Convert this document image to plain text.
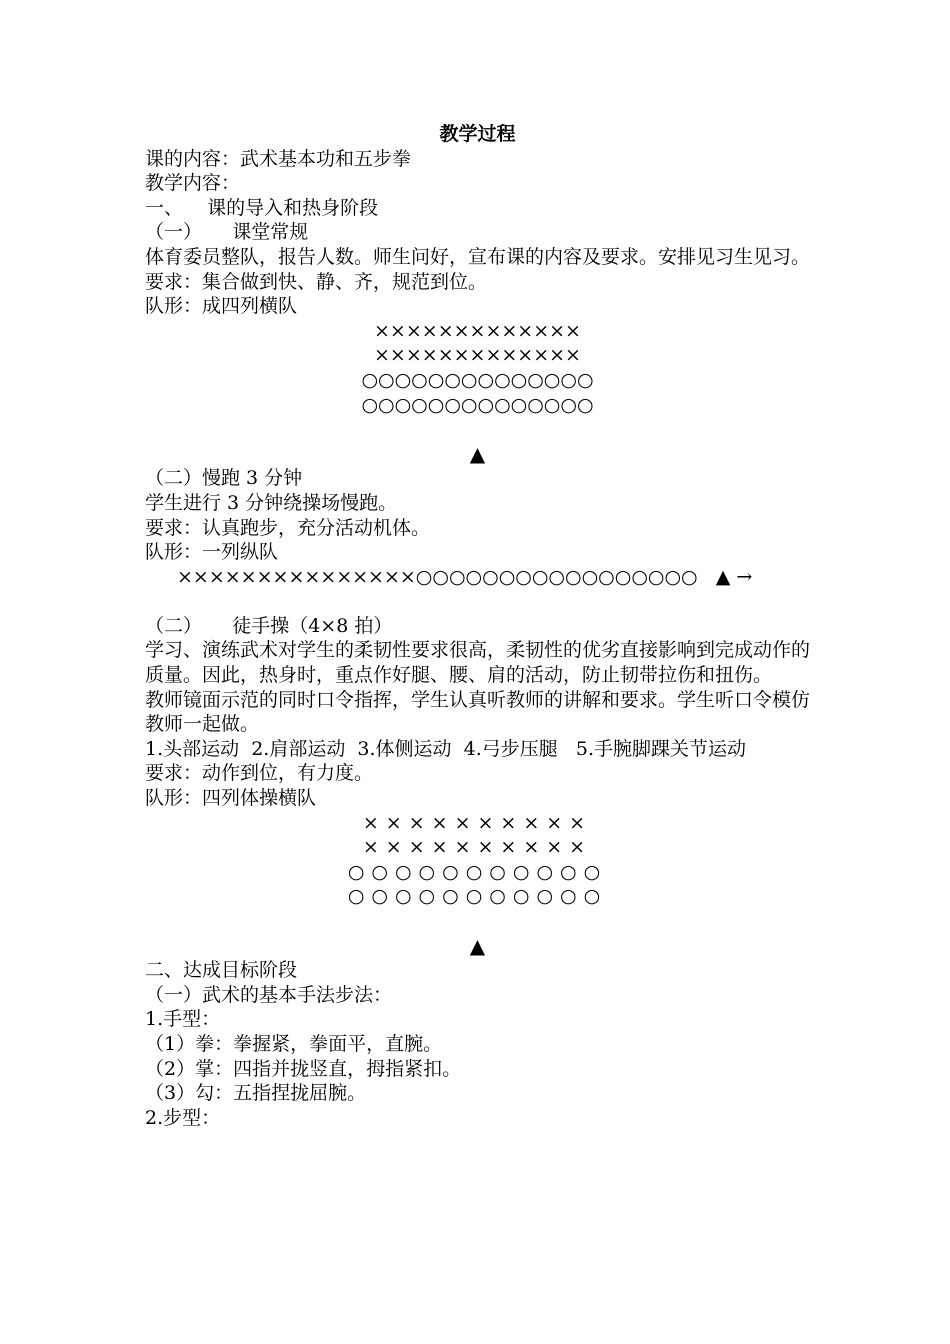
教学过程
课的内容：武术基本功和五步拳
教学内容：
一、    课的导入和热身阶段
（一）     课堂常规
体育委员整队，报告人数。师生问好，宣布课的内容及要求。安排见习生见习。
要求：集合做到快、静、齐，规范到位。
队形：成四列横队
×××××××××××××
×××××××××××××
○○○○○○○○○○○○○○
○○○○○○○○○○○○○○
▲
（二）慢跑 3 分钟
学生进行 3 分钟绕操场慢跑。
要求：认真跑步，充分活动机体。
队形：一列纵队
×××××××××××××××○○○○○○○○○○○○○○○○○   ▲ →
（二）     徒手操（4×8 拍）
学习、演练武术对学生的柔韧性要求很高，柔韧性的优劣直接影响到完成动作的质量。因此，热身时，重点作好腿、腰、肩的活动，防止韧带拉伤和扭伤。
教师镜面示范的同时口令指挥，学生认真听教师的讲解和要求。学生听口令模仿教师一起做。
1.头部运动  2.肩部运动  3.体侧运动  4.弓步压腿   5.手腕脚踝关节运动
要求：动作到位，有力度。
队形：四列体操横队
××××××××××
××××××××××
○○○○○○○○○○○
○○○○○○○○○○○
▲
二、达成目标阶段
（一）武术的基本手法步法：
1.手型：
（1）拳：拳握紧，拳面平，直腕。
（2）掌：四指并拢竖直，拇指紧扣。
（3）勾：五指捏拢屈腕。
2.步型：
